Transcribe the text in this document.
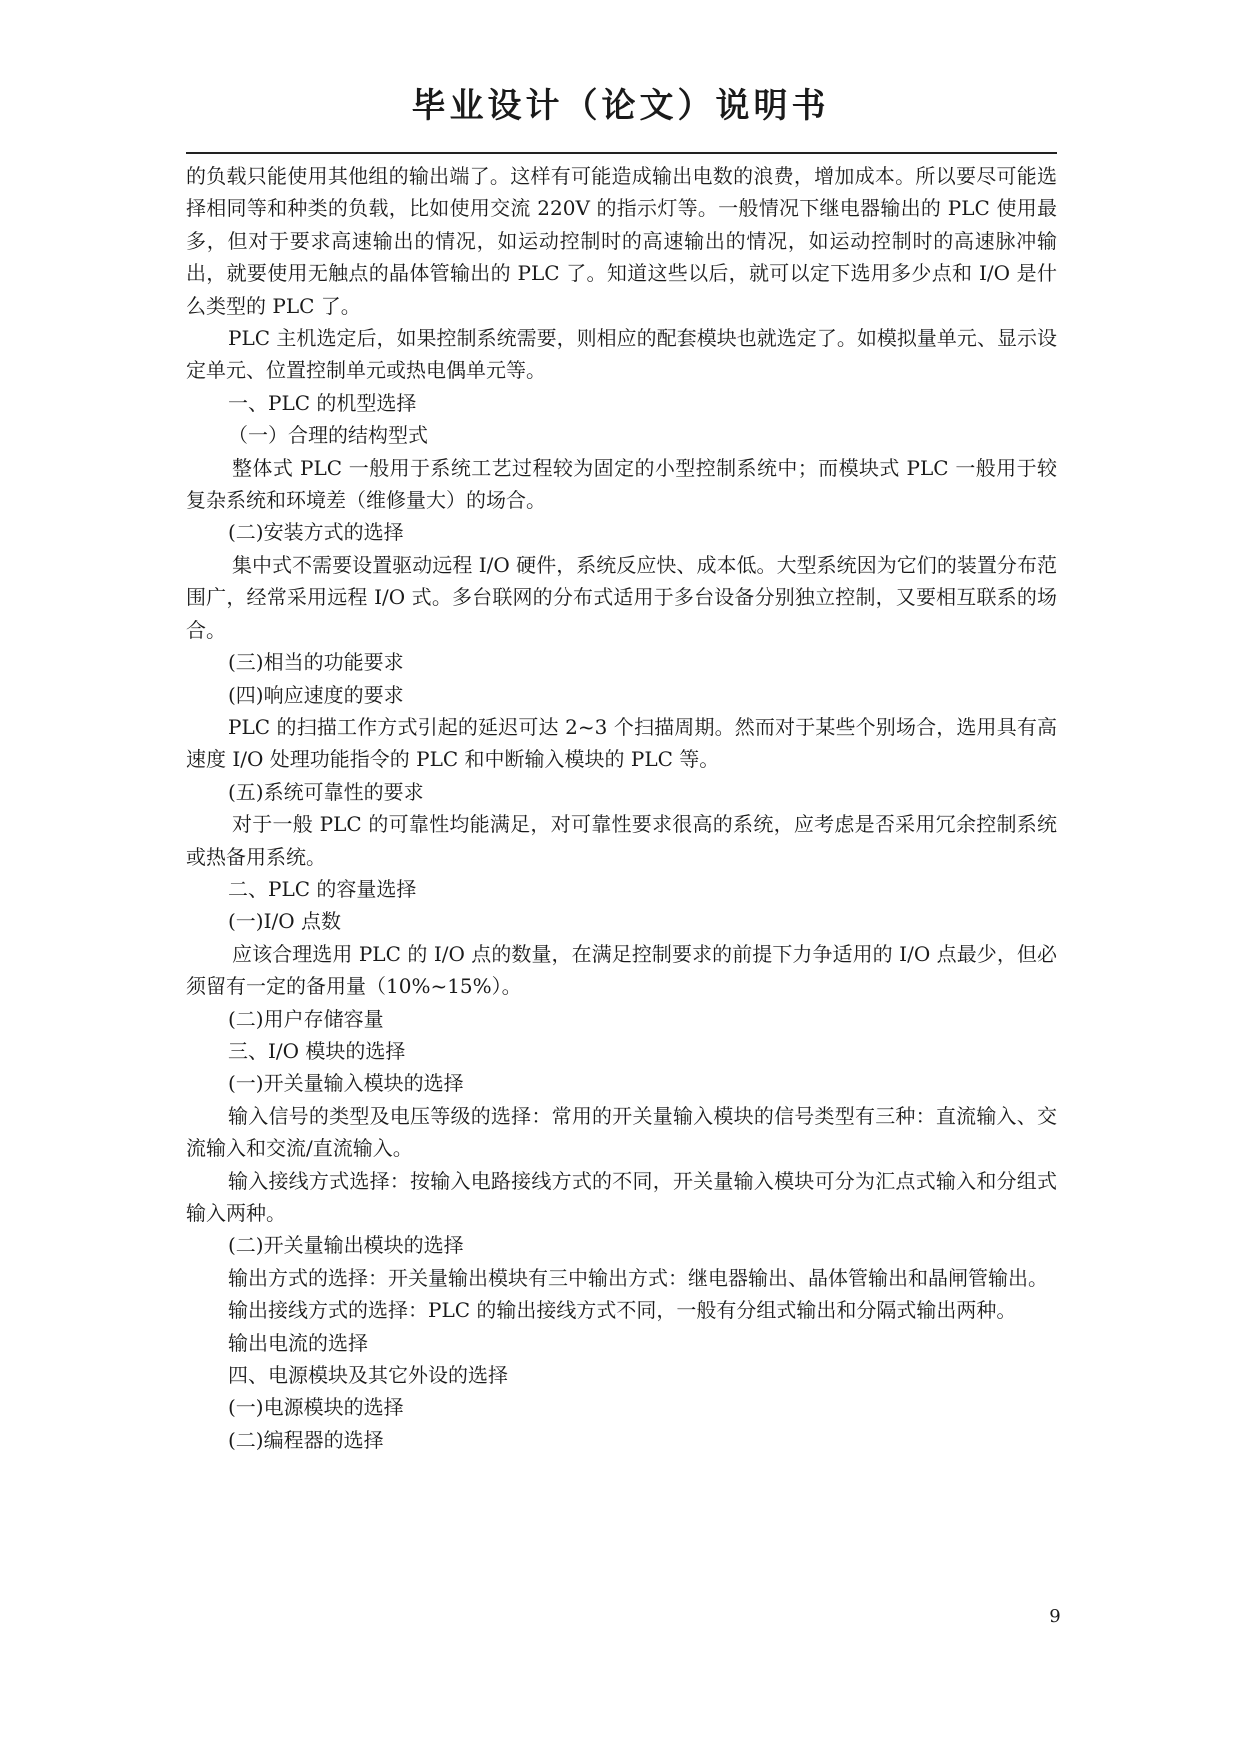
毕业设计（论文）说明书

的负载只能使用其他组的输出端了。这样有可能造成输出电数的浪费，增加成本。所以要尽可能选择相同等和种类的负载，比如使用交流 220V 的指示灯等。一般情况下继电器输出的 PLC 使用最多，但对于要求高速输出的情况，如运动控制时的高速输出的情况，如运动控制时的高速脉冲输出，就要使用无触点的晶体管输出的 PLC 了。知道这些以后，就可以定下选用多少点和 I/O 是什么类型的 PLC 了。

PLC 主机选定后，如果控制系统需要，则相应的配套模块也就选定了。如模拟量单元、显示设定单元、位置控制单元或热电偶单元等。

一、PLC 的机型选择

（一）合理的结构型式

整体式 PLC 一般用于系统工艺过程较为固定的小型控制系统中；而模块式 PLC 一般用于较复杂系统和环境差（维修量大）的场合。

(二)安装方式的选择

集中式不需要设置驱动远程 I/O 硬件，系统反应快、成本低。大型系统因为它们的装置分布范围广，经常采用远程 I/O 式。多台联网的分布式适用于多台设备分别独立控制，又要相互联系的场合。

(三)相当的功能要求

(四)响应速度的要求

PLC 的扫描工作方式引起的延迟可达 2~3 个扫描周期。然而对于某些个别场合，选用具有高速度 I/O 处理功能指令的 PLC 和中断输入模块的 PLC 等。

(五)系统可靠性的要求

对于一般 PLC 的可靠性均能满足，对可靠性要求很高的系统，应考虑是否采用冗余控制系统或热备用系统。

二、PLC 的容量选择

(一)I/O 点数

应该合理选用 PLC 的 I/O 点的数量，在满足控制要求的前提下力争适用的 I/O 点最少，但必须留有一定的备用量（10%~15%）。

(二)用户存储容量

三、I/O 模块的选择

(一)开关量输入模块的选择

输入信号的类型及电压等级的选择：常用的开关量输入模块的信号类型有三种：直流输入、交流输入和交流/直流输入。

输入接线方式选择：按输入电路接线方式的不同，开关量输入模块可分为汇点式输入和分组式输入两种。

(二)开关量输出模块的选择

输出方式的选择：开关量输出模块有三中输出方式：继电器输出、晶体管输出和晶闸管输出。

输出接线方式的选择：PLC 的输出接线方式不同，一般有分组式输出和分隔式输出两种。

输出电流的选择

四、电源模块及其它外设的选择

(一)电源模块的选择

(二)编程器的选择

9
